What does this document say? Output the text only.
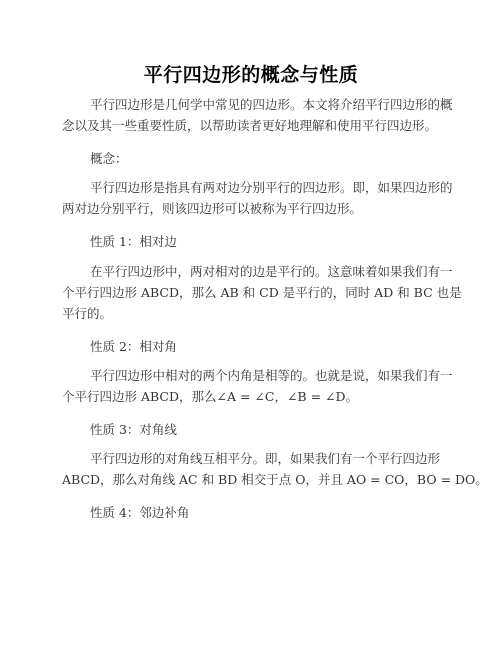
平行四边形的概念与性质
平行四边形是几何学中常见的四边形。本文将介绍平行四边形的概
念以及其一些重要性质，以帮助读者更好地理解和使用平行四边形。
概念：
平行四边形是指具有两对边分别平行的四边形。即，如果四边形的
两对边分别平行，则该四边形可以被称为平行四边形。
性质 1：相对边
在平行四边形中，两对相对的边是平行的。这意味着如果我们有一
个平行四边形 ABCD，那么 AB 和 CD 是平行的，同时 AD 和 BC 也是
平行的。
性质 2：相对角
平行四边形中相对的两个内角是相等的。也就是说，如果我们有一
个平行四边形 ABCD，那么∠A = ∠C，∠B = ∠D。
性质 3：对角线
平行四边形的对角线互相平分。即，如果我们有一个平行四边形
ABCD，那么对角线 AC 和 BD 相交于点 O，并且 AO = CO，BO = DO。
性质 4：邻边补角
